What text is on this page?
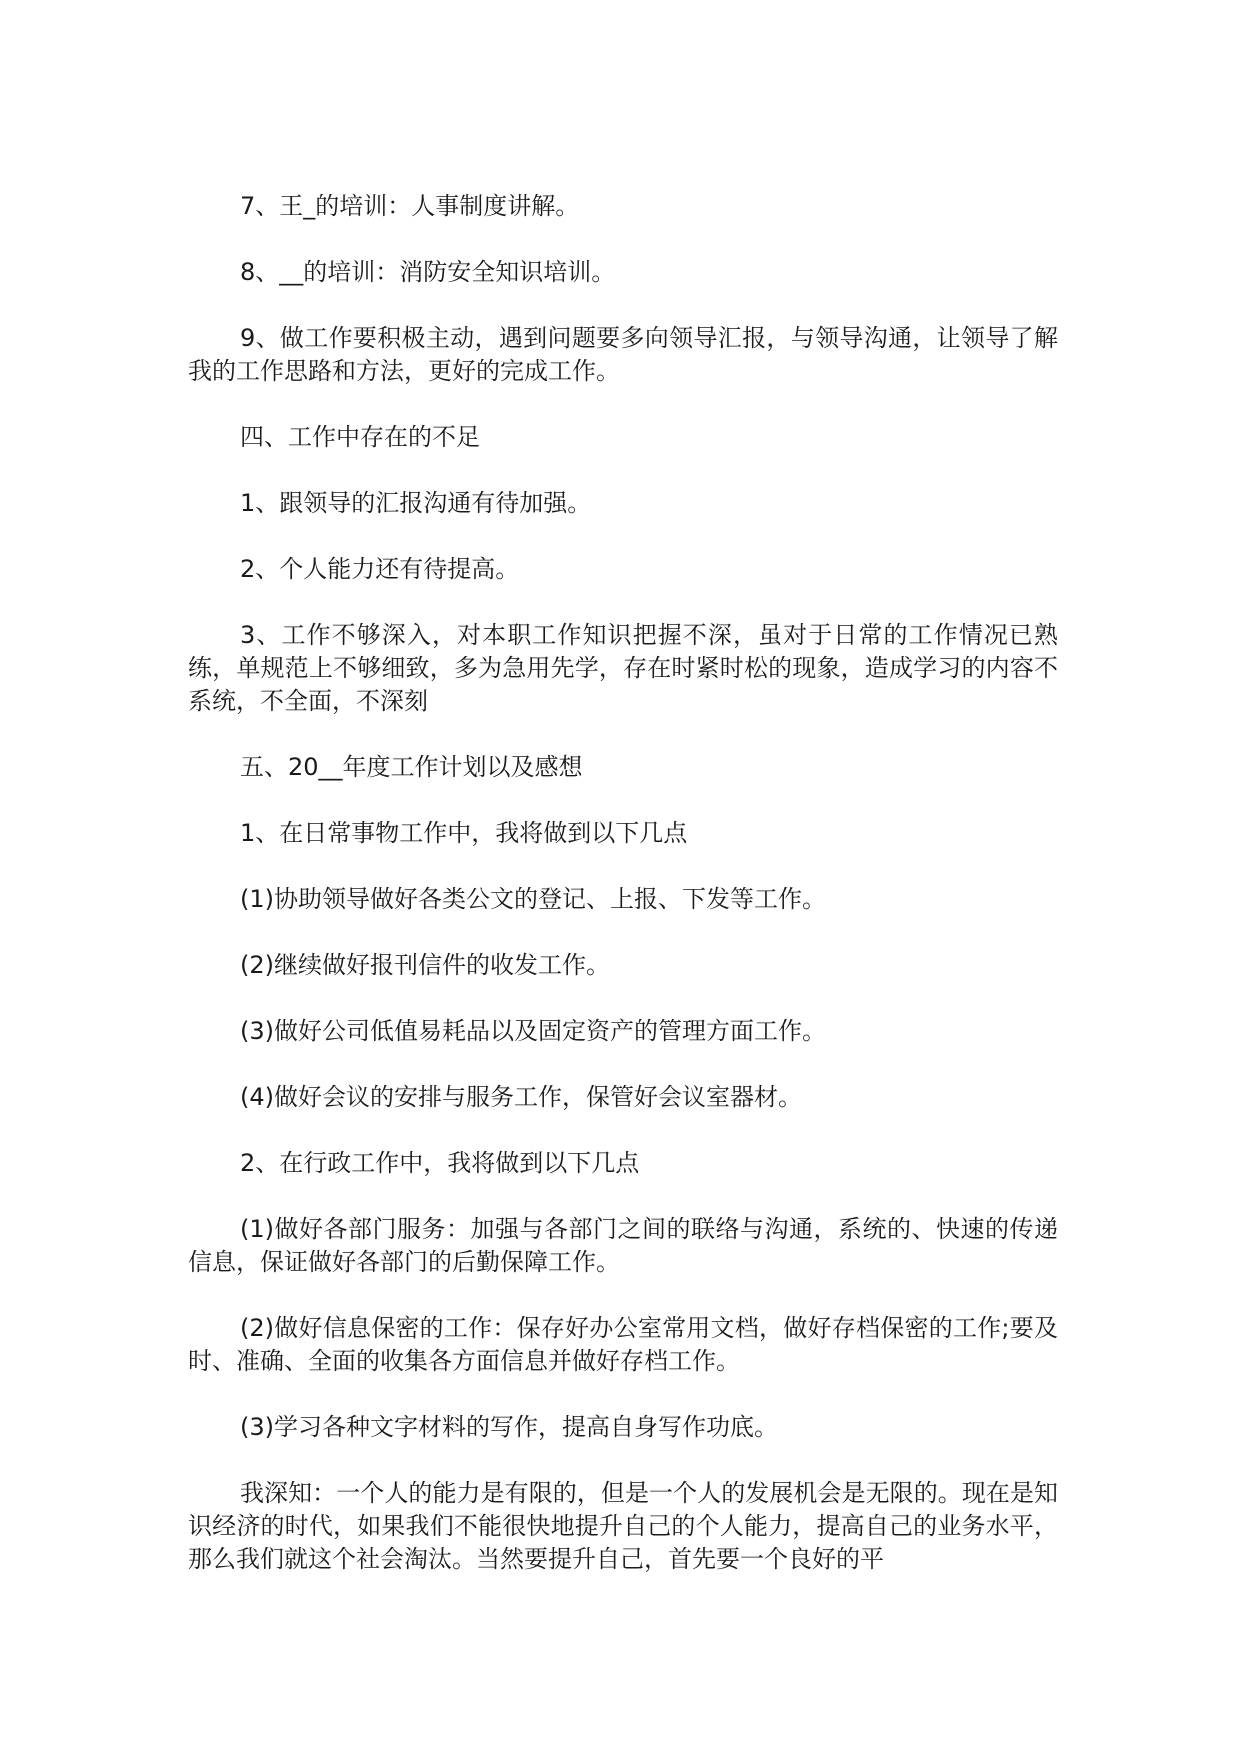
7、王_的培训：人事制度讲解。

8、__的培训：消防安全知识培训。

9、做工作要积极主动，遇到问题要多向领导汇报，与领导沟通，让领导了解我的工作思路和方法，更好的完成工作。

四、工作中存在的不足

1、跟领导的汇报沟通有待加强。

2、个人能力还有待提高。

3、工作不够深入，对本职工作知识把握不深，虽对于日常的工作情况已熟练，单规范上不够细致，多为急用先学，存在时紧时松的现象，造成学习的内容不系统，不全面，不深刻

五、20__年度工作计划以及感想

1、在日常事物工作中，我将做到以下几点

(1)协助领导做好各类公文的登记、上报、下发等工作。

(2)继续做好报刊信件的收发工作。

(3)做好公司低值易耗品以及固定资产的管理方面工作。

(4)做好会议的安排与服务工作，保管好会议室器材。

2、在行政工作中，我将做到以下几点

(1)做好各部门服务：加强与各部门之间的联络与沟通，系统的、快速的传递信息，保证做好各部门的后勤保障工作。

(2)做好信息保密的工作：保存好办公室常用文档，做好存档保密的工作;要及时、准确、全面的收集各方面信息并做好存档工作。

(3)学习各种文字材料的写作，提高自身写作功底。

我深知：一个人的能力是有限的，但是一个人的发展机会是无限的。现在是知识经济的时代，如果我们不能很快地提升自己的个人能力，提高自己的业务水平，那么我们就这个社会淘汰。当然要提升自己，首先要一个良好的平
